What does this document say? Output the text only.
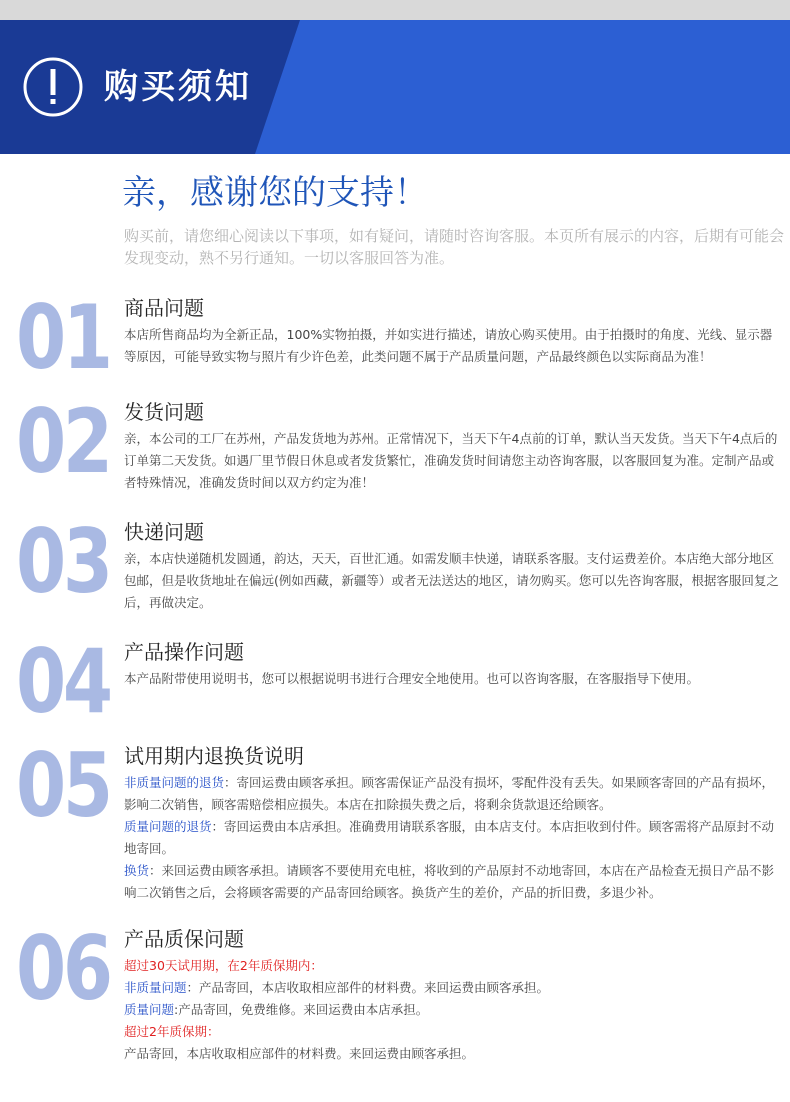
购买须知
亲，感谢您的支持！
购买前，请您细心阅读以下事项，如有疑问，请随时咨询客服。本页所有展示的内容，后期有可能会发现变动，熟不另行通知。一切以客服回答为准。
01 商品问题

本店所售商品均为全新正品，100%实物拍摄，并如实进行描述，请放心购买使用。由于拍摄时的角度、光线、显示器等原因，可能导致实物与照片有少许色差，此类问题不属于产品质量问题，产品最终颜色以实际商品为准！

02 发货问题

亲，本公司的工厂在苏州，产品发货地为苏州。正常情况下，当天下午4点前的订单，默认当天发货。当天下午4点后的订单第二天发货。如遇厂里节假日休息或者发货繁忙，准确发货时间请您主动咨询客服，以客服回复为准。定制产品或者特殊情况，准确发货时间以双方约定为准！

03 快递问题

亲，本店快递随机发圆通，韵达，天天，百世汇通。如需发顺丰快递，请联系客服。支付运费差价。本店绝大部分地区包邮，但是收货地址在偏远(例如西藏，新疆等）或者无法送达的地区，请勿购买。您可以先咨询客服，根据客服回复之后，再做决定。

04 产品操作问题

本产品附带使用说明书，您可以根据说明书进行合理安全地使用。也可以咨询客服，在客服指导下使用。

05 试用期内退换货说明

非质量问题的退货：寄回运费由顾客承担。顾客需保证产品没有损坏，零配件没有丢失。如果顾客寄回的产品有损坏，影响二次销售，顾客需赔偿相应损失。本店在扣除损失费之后，将剩余货款退还给顾客。

质量问题的退货：寄回运费由本店承担。准确费用请联系客服，由本店支付。本店拒收到付件。顾客需将产品原封不动地寄回。

换货：来回运费由顾客承担。请顾客不要使用充电桩，将收到的产品原封不动地寄回，本店在产品检查无损日产品不影响二次销售之后，会将顾客需要的产品寄回给顾客。换货产生的差价，产品的折旧费，多退少补。

06 产品质保问题

超过30天试用期，在2年质保期内：

非质量问题：产品寄回，本店收取相应部件的材料费。来回运费由顾客承担。

质量问题:产品寄回，免费维修。来回运费由本店承担。

超过2年质保期：

产品寄回，本店收取相应部件的材料费。来回运费由顾客承担。
